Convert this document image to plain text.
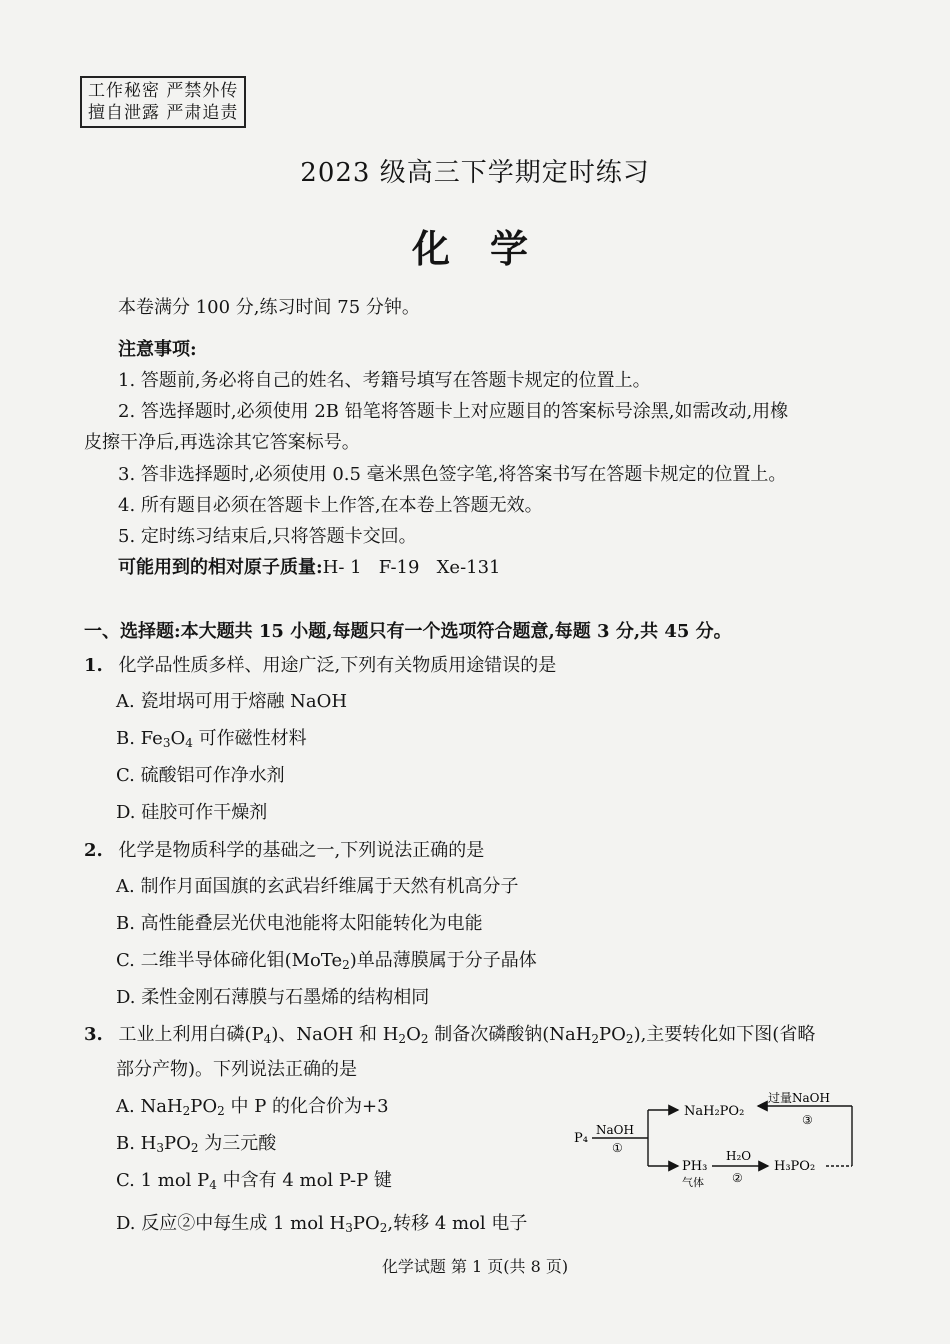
工作秘密 严禁外传
擅自泄露 严肃追责
2023 级高三下学期定时练习
化学
本卷满分 100 分,练习时间 75 分钟。
注意事项:
1. 答题前,务必将自己的姓名、考籍号填写在答题卡规定的位置上。
2. 答选择题时,必须使用 2B 铅笔将答题卡上对应题目的答案标号涂黑,如需改动,用橡
皮擦干净后,再选涂其它答案标号。
3. 答非选择题时,必须使用 0.5 毫米黑色签字笔,将答案书写在答题卡规定的位置上。
4. 所有题目必须在答题卡上作答,在本卷上答题无效。
5. 定时练习结束后,只将答题卡交回。
可能用到的相对原子质量:H- 1   F-19   Xe-131
一、选择题:本大题共 15 小题,每题只有一个选项符合题意,每题 3 分,共 45 分。
1. 化学品性质多样、用途广泛,下列有关物质用途错误的是
A. 瓷坩埚可用于熔融 NaOH
B. $Fe_3O_4$ 可作磁性材料
C. 硫酸铝可作净水剂
D. 硅胶可作干燥剂
2. 化学是物质科学的基础之一,下列说法正确的是
A. 制作月面国旗的玄武岩纤维属于天然有机高分子
B. 高性能叠层光伏电池能将太阳能转化为电能
C. 二维半导体碲化钼(MoTe$_2$)单品薄膜属于分子晶体
D. 柔性金刚石薄膜与石墨烯的结构相同
3. 工业上利用白磷$(P_4)$、NaOH 和 $H_2O_2$ 制备次磷酸钠$(NaH_2PO_2)$,主要转化如下图(省略
部分产物)。下列说法正确的是
A. $NaH_2PO_2$ 中 P 的化合价为+3
B. $H_3PO_2$ 为三元酸
C. 1 mol $P_4$ 中含有 4 mol P-P 键
D. 反应②中每生成 1 mol $H_3PO_2$,转移 4 mol 电子
P₄
NaOH
①
NaH₂PO₂
过量NaOH
③
PH₃
气体
H₂O
②
H₃PO₂
化学试题 第 1 页(共 8 页)
